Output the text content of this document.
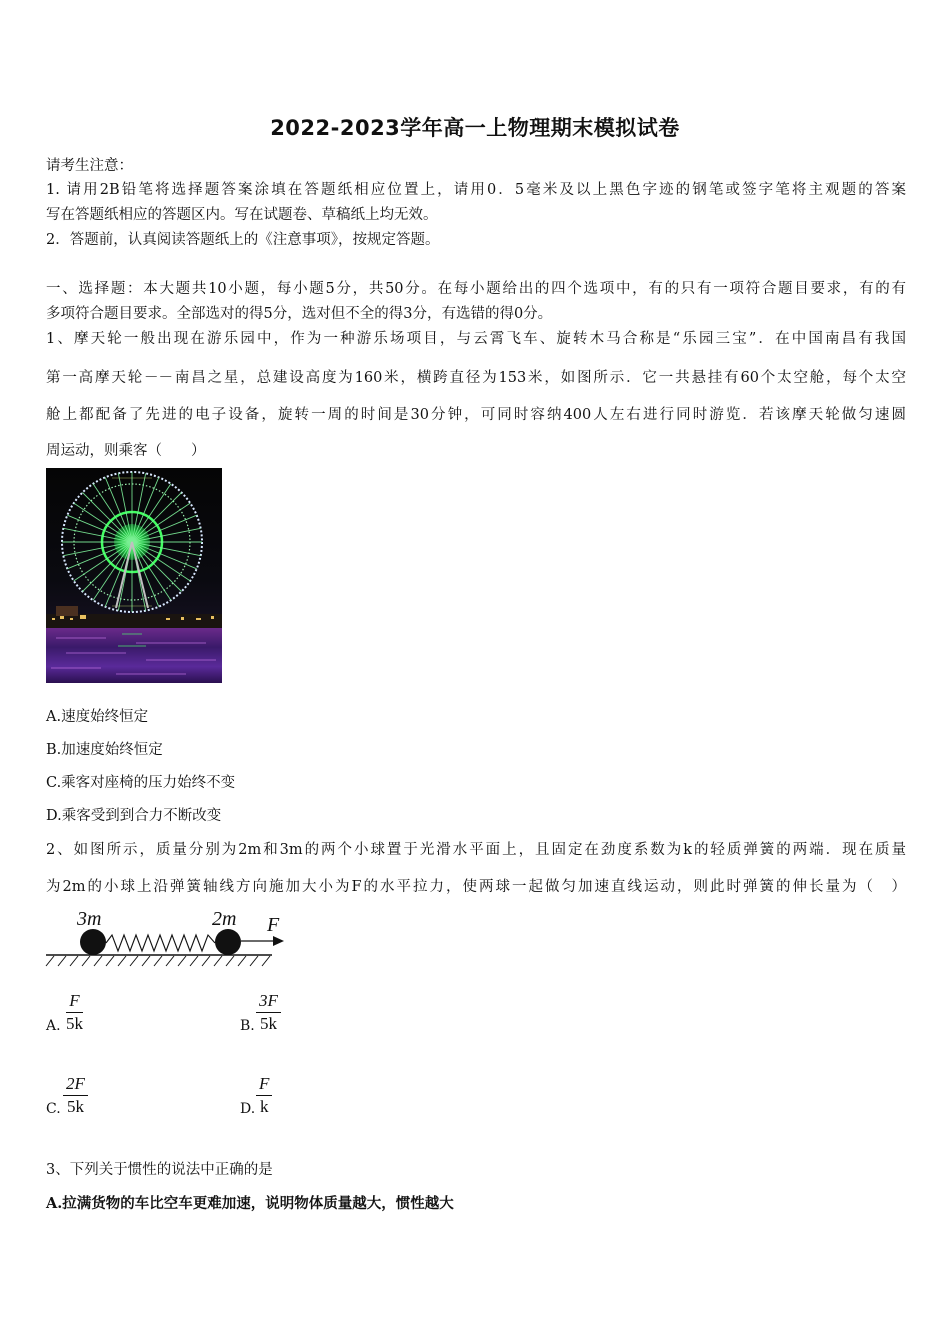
2022-2023学年高一上物理期末模拟试卷
请考生注意：
1. 请用2B铅笔将选择题答案涂填在答题纸相应位置上，请用0．5毫米及以上黑色字迹的钢笔或签字笔将主观题的答案
写在答题纸相应的答题区内。写在试题卷、草稿纸上均无效。
2．答题前，认真阅读答题纸上的《注意事项》，按规定答题。
一、选择题：本大题共10小题，每小题5分，共50分。在每小题给出的四个选项中，有的只有一项符合题目要求，有的有
多项符合题目要求。全部选对的得5分，选对但不全的得3分，有选错的得0分。
1、摩天轮一般出现在游乐园中，作为一种游乐场项目，与云霄飞车、旋转木马合称是“乐园三宝”．在中国南昌有我国
第一高摩天轮－－南昌之星，总建设高度为160米，横跨直径为153米，如图所示．它一共悬挂有60个太空舱，每个太空
舱上都配备了先进的电子设备，旋转一周的时间是30分钟，可同时容纳400人左右进行同时游览．若该摩天轮做匀速圆
周运动，则乘客（　　）
A.速度始终恒定
B.加速度始终恒定
C.乘客对座椅的压力始终不变
D.乘客受到到合力不断改变
2、如图所示，质量分别为2m和3m的两个小球置于光滑水平面上，且固定在劲度系数为k的轻质弹簧的两端．现在质量
为2m的小球上沿弹簧轴线方向施加大小为F的水平拉力，使两球一起做匀加速直线运动，则此时弹簧的伸长量为（　）
3m	2m F
A. $\frac{F}{5k}$	B. $\frac{3F}{5k}$
C. $\frac{2F}{5k}$	D. $\frac{F}{k}$
3、下列关于惯性的说法中正确的是
A.拉满货物的车比空车更难加速，说明物体质量越大，惯性越大
